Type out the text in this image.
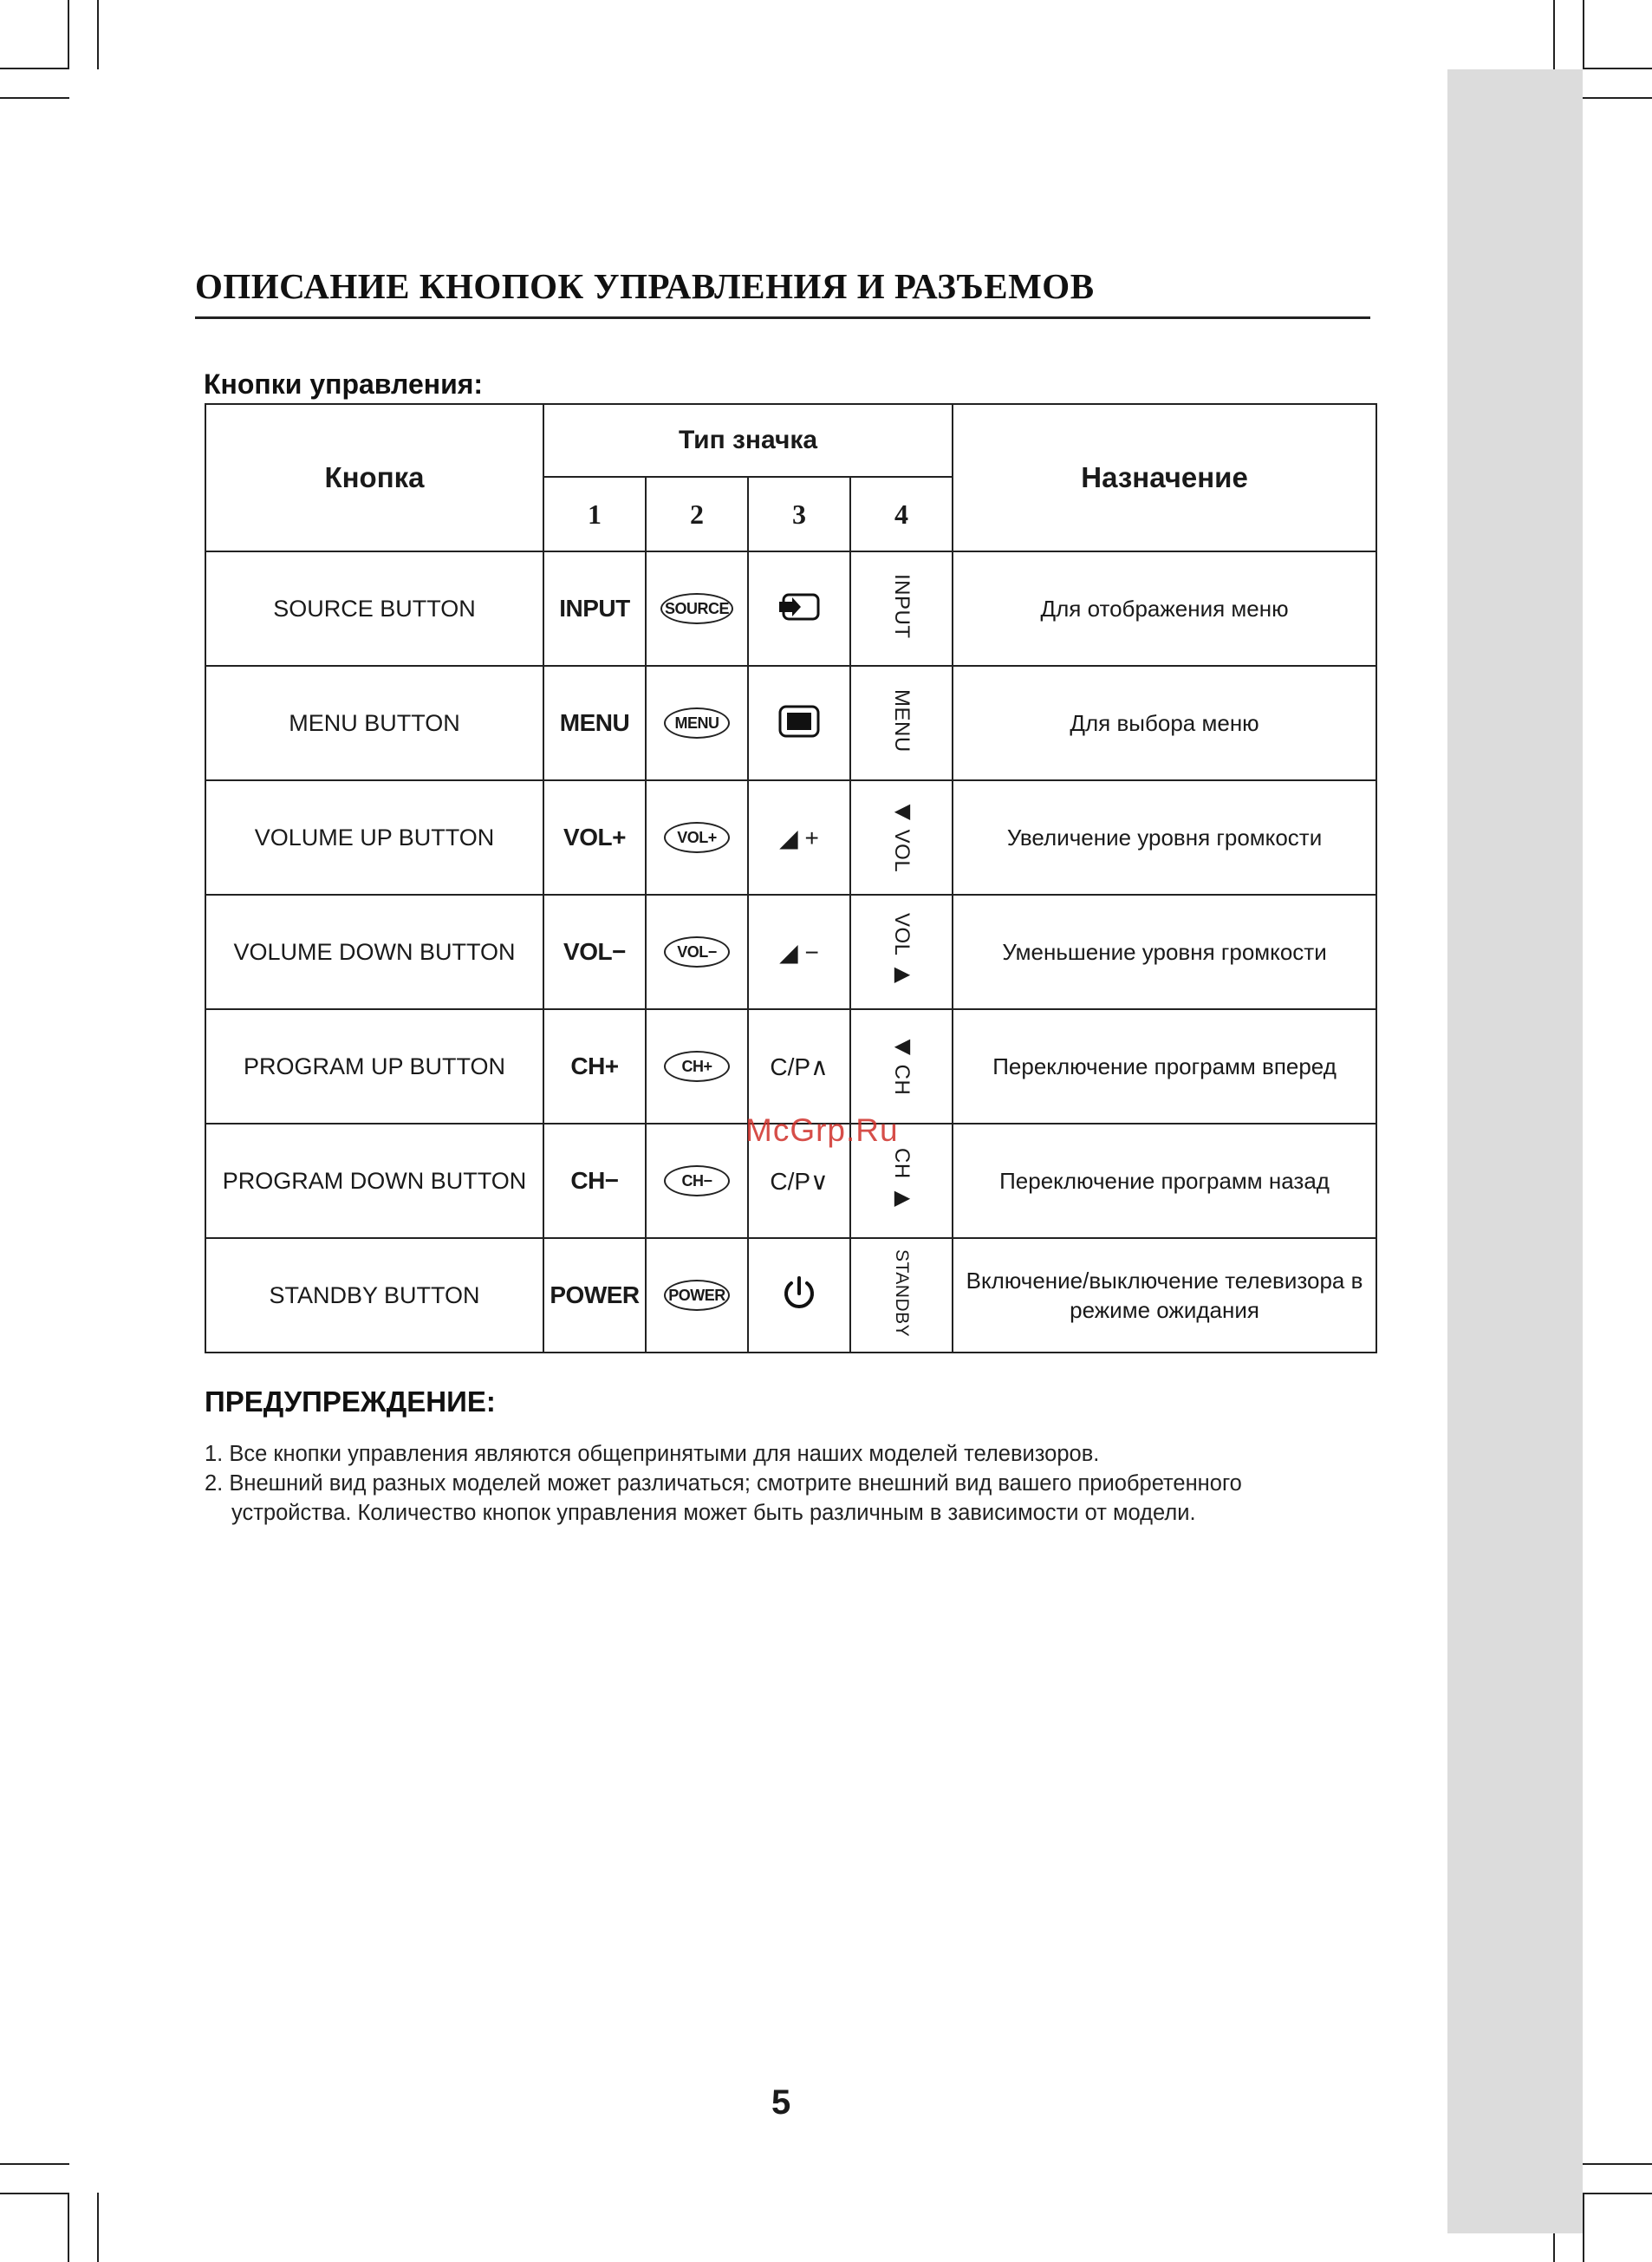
ОПИСАНИЕ КНОПОК УПРАВЛЕНИЯ И РАЗЪЕМОВ
Кнопки управления:
Кнопка	Тип значка				Назначение
	1	2	3	4	
SOURCE BUTTON	INPUT	SOURCE		INPUT	Для отображения меню
MENU BUTTON	MENU	MENU		MENU	Для выбора меню
VOLUME UP BUTTON	VOL+	VOL+	◢ +	◀ VOL	Увеличение уровня громкости
VOLUME DOWN BUTTON	VOL−	VOL−	◢ −	VOL ▶	Уменьшение уровня громкости
PROGRAM UP BUTTON	CH+	CH+	C/P∧	◀ CH	Переключение программ вперед
PROGRAM DOWN BUTTON	CH−	CH−	C/P∨	CH ▶	Переключение программ назад
STANDBY BUTTON	POWER	POWER		STANDBY	Включение/выключение телевизора в режиме ожидания
ПРЕДУПРЕЖДЕНИЕ:
1. Все кнопки управления являются общепринятыми для наших моделей телевизоров.
2. Внешний вид разных моделей может различаться; смотрите внешний вид вашего приобретенного
устройства. Количество кнопок управления может быть различным в зависимости от модели.
McGrp.Ru
5
